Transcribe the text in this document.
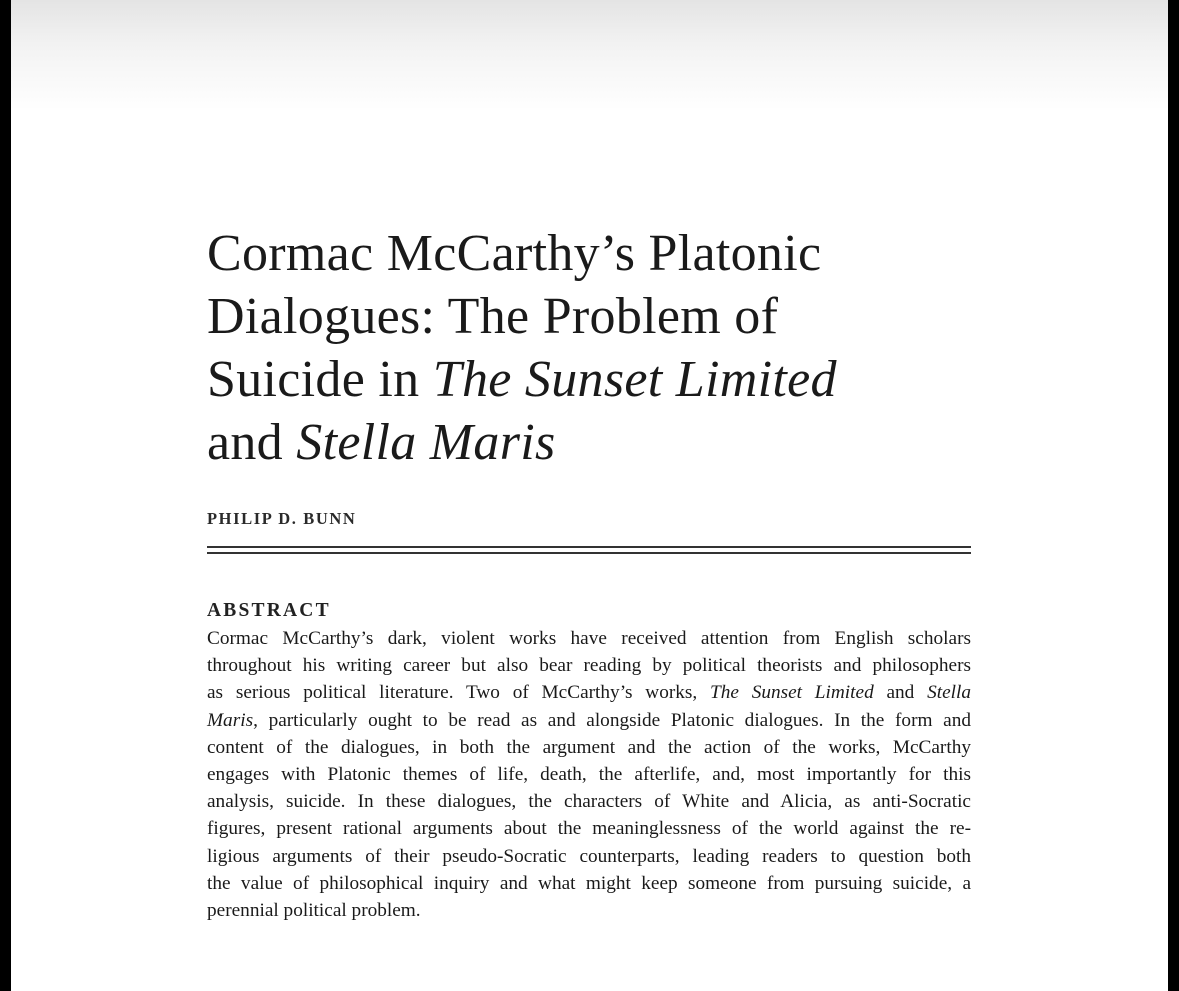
Cormac McCarthy’s Platonic
Dialogues: The Problem of
Suicide in The Sunset Limited
and Stella Maris

PHILIP D. BUNN

ABSTRACT
Cormac McCarthy’s dark, violent works have received attention from English scholars
throughout his writing career but also bear reading by political theorists and philosophers
as serious political literature. Two of McCarthy’s works, The Sunset Limited and Stella
Maris, particularly ought to be read as and alongside Platonic dialogues. In the form and
content of the dialogues, in both the argument and the action of the works, McCarthy
engages with Platonic themes of life, death, the afterlife, and, most importantly for this
analysis, suicide. In these dialogues, the characters of White and Alicia, as anti-Socratic
figures, present rational arguments about the meaninglessness of the world against the re-
ligious arguments of their pseudo-Socratic counterparts, leading readers to question both
the value of philosophical inquiry and what might keep someone from pursuing suicide, a
perennial political problem.
